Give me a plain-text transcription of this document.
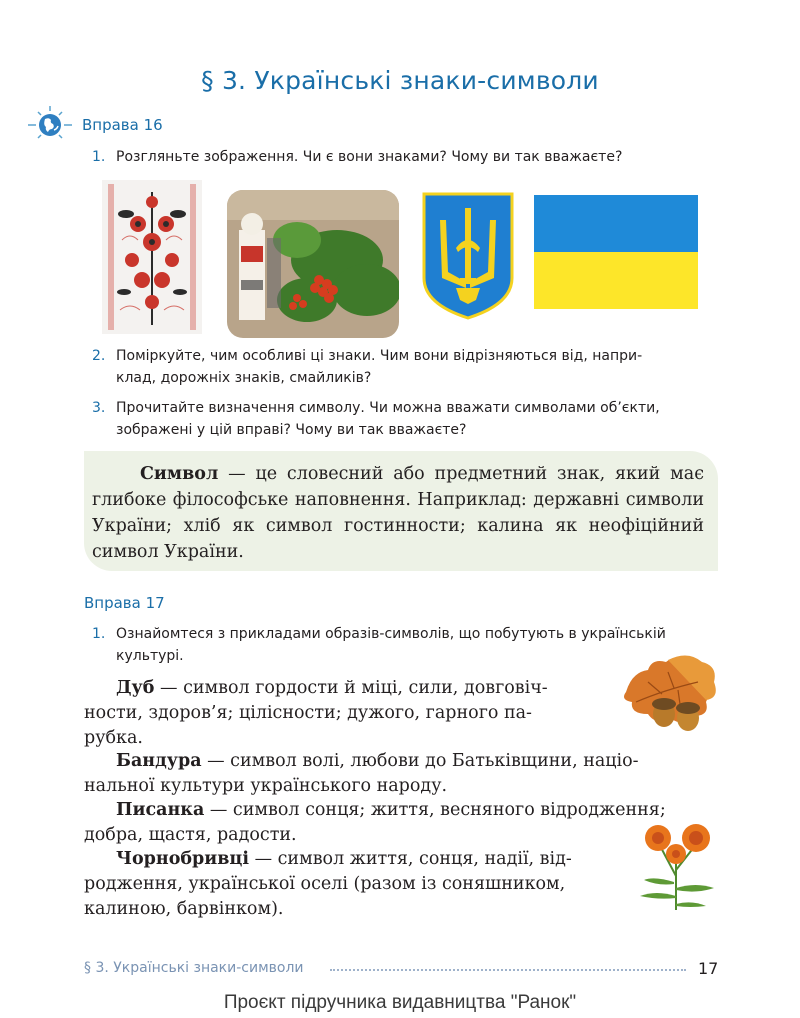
§ 3. Українські знаки-символи
Вправа 16
1. Розгляньте зображення. Чи є вони знаками? Чому ви так вважаєте?
2. Поміркуйте, чим особливі ці знаки. Чим вони відрізняються від, напри-
клад, дорожніх знаків, смайликів?
3. Прочитайте визначення символу. Чи можна вважати символами об’єкти,
зображені у цій вправі? Чому ви так вважаєте?

Символ — це словесний або предметний знак, який має глибоке філософське наповнення. Наприклад: державні символи України; хліб як символ гостинности; калина як неофіційний символ України.

Вправа 17
1. Ознайомтеся з прикладами образів-символів, що побутують в українській
культурі.

Дуб — символ гордости й міці, сили, довговіч-

ности, здоров’я; цілісности; дужого, гарного па-
рубка.

Бандура — символ волі, любови до Батьківщини, націо-

нальної культури українського народу.

Писанка — символ сонця; життя, весняного відродження;

добра, щастя, радости.

Чорнобривці — символ життя, сонця, надії, від-

родження, української оселі (разом із соняшником,
калиною, барвінком).
§ 3. Українські знаки-символи	17
Проєкт підручника видавництва "Ранок"
